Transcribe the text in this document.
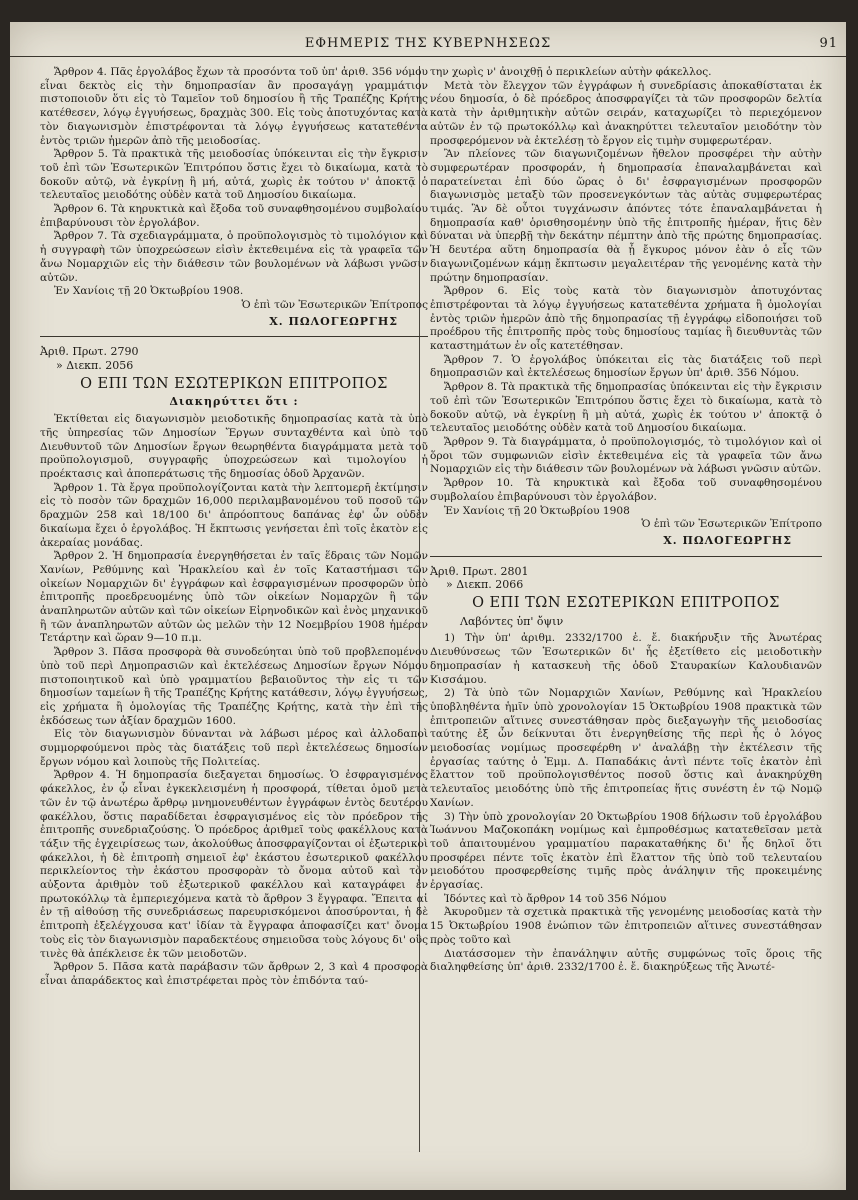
ΕΦΗΜΕΡΙΣ ΤΗΣ ΚΥΒΕΡΝΗΣΕΩΣ	91

Ἄρθρον 4. Πᾶς ἐργολάβος ἔχων τὰ προσόντα τοῦ ὑπ' ἀριθ. 356 νόμου εἶναι δεκτὸς εἰς τὴν δημοπρασίαν ἂν προσαγάγῃ γραμμάτιον πιστοποιοῦν ὅτι εἰς τὸ Ταμεῖον τοῦ δημοσίου ἢ τῆς Τραπέζης Κρήτης κατέθεσεν, λόγῳ ἐγγυήσεως, δραχμὰς 300. Εἰς τοὺς ἀποτυχόντας κατὰ τὸν διαγωνισμὸν ἐπιστρέφονται τὰ λόγῳ ἐγγυήσεως κατατεθέντα ἐντὸς τριῶν ἡμερῶν ἀπὸ τῆς μειοδοσίας.

Ἄρθρον 5. Τὰ πρακτικὰ τῆς μειοδοσίας ὑπόκεινται εἰς τὴν ἔγκρισιν τοῦ ἐπὶ τῶν Ἐσωτερικῶν Ἐπιτρόπου ὅστις ἔχει τὸ δικαίωμα, κατὰ τὸ δοκοῦν αὐτῷ, νὰ ἐγκρίνῃ ἢ μή, αὐτά, χωρὶς ἐκ τούτου ν' ἀποκτᾷ ὁ τελευταῖος μειοδότης οὐδὲν κατὰ τοῦ Δημοσίου δικαίωμα.

Ἄρθρον 6. Τὰ κηρυκτικὰ καὶ ἔξοδα τοῦ συναφθησομένου συμβολαίου ἐπιβαρύνουσι τὸν ἐργολάβον.

Ἄρθρον 7. Τὰ σχεδιαγράμματα, ὁ προϋπολογισμὸς τὸ τιμολόγιον καὶ ἡ συγγραφὴ τῶν ὑποχρεώσεων εἰσὶν ἐκτεθειμένα εἰς τὰ γραφεῖα τῶν ἄνω Νομαρχιῶν εἰς τὴν διάθεσιν τῶν βουλομένων νὰ λάβωσι γνῶσιν αὐτῶν.

Ἐν Χανίοις τῇ 20 Ὀκτωβρίου 1908.

Ὁ ἐπὶ τῶν Ἐσωτερικῶν Ἐπίτροπος

Χ. ΠΩΛΟΓΕΩΡΓΗΣ

Ἀριθ. Πρωτ. 2790

» Διεκπ. 2056

Ο ΕΠΙ ΤΩΝ ΕΣΩΤΕΡΙΚΩΝ ΕΠΙΤΡΟΠΟΣ
Διακηρύττει ὅτι :

Ἐκτίθεται εἰς διαγωνισμὸν μειοδοτικῆς δημοπρασίας κατὰ τὰ ὑπὸ τῆς ὑπηρεσίας τῶν Δημοσίων Ἔργων συνταχθέντα καὶ ὑπὸ τοῦ Διευθυντοῦ τῶν Δημοσίων ἔργων θεωρηθέντα διαγράμματα μετὰ τοῦ προϋπολογισμοῦ, συγγραφῆς ὑποχρεώσεων καὶ τιμολογίου ἡ προέκτασις καὶ ἀποπεράτωσις τῆς δημοσίας ὁδοῦ Ἀρχανῶν.

Ἄρθρον 1. Τὰ ἔργα προϋπολογίζονται κατὰ τὴν λεπτομερῆ ἐκτίμησιν εἰς τὸ ποσὸν τῶν δραχμῶν 16,000 περιλαμβανομένου τοῦ ποσοῦ τῶν δραχμῶν 258 καὶ 18/100 δι' ἀπρόοπτους δαπάνας ἐφ' ὧν οὐδὲν δικαίωμα ἔχει ὁ ἐργολάβος. Ἡ ἔκπτωσις γενήσεται ἐπὶ τοῖς ἑκατὸν εἰς ἀκεραίας μονάδας.

Ἄρθρον 2. Ἡ δημοπρασία ἐνεργηθήσεται ἐν ταῖς ἕδραις τῶν Νομῶν Χανίων, Ρεθύμνης καὶ Ἡρακλείου καὶ ἐν τοῖς Καταστήμασι τῶν οἰκείων Νομαρχιῶν δι' ἐγγράφων καὶ ἐσφραγισμένων προσφορῶν ὑπὸ ἐπιτροπῆς προεδρευομένης ὑπὸ τῶν οἰκείων Νομαρχῶν ἢ τῶν ἀναπληρωτῶν αὐτῶν καὶ τῶν οἰκείων Εἰρηνοδικῶν καὶ ἑνὸς μηχανικοῦ ἢ τῶν ἀναπληρωτῶν αὐτῶν ὡς μελῶν τὴν 12 Νοεμβρίου 1908 ἡμέραν Τετάρτην καὶ ὥραν 9—10 π.μ.

Ἄρθρον 3. Πᾶσα προσφορὰ θὰ συνοδεύηται ὑπὸ τοῦ προβλεπομένου ὑπὸ τοῦ περὶ Δημοπρασιῶν καὶ ἐκτελέσεως Δημοσίων ἔργων Νόμου πιστοποιητικοῦ καὶ ὑπὸ γραμματίου βεβαιοῦντος τὴν εἰς τι τῶν δημοσίων ταμείων ἢ τῆς Τραπέζης Κρήτης κατάθεσιν, λόγῳ ἐγγυήσεως, εἰς χρήματα ἢ ὁμολογίας τῆς Τραπέζης Κρήτης, κατὰ τὴν ἐπὶ τῆς ἐκδόσεως των ἀξίαν δραχμῶν 1600.

Εἰς τὸν διαγωνισμὸν δύνανται νὰ λάβωσι μέρος καὶ ἀλλοδαποὶ συμμορφούμενοι πρὸς τὰς διατάξεις τοῦ περὶ ἐκτελέσεως δημοσίων ἔργων νόμου καὶ λοιποὺς τῆς Πολιτείας.

Ἄρθρον 4. Ἡ δημοπρασία διεξαγεται δημοσίως. Ὁ ἐσφραγισμένος φάκελλος, ἐν ᾧ εἶναι ἐγκεκλεισμένη ἡ προσφορά, τίθεται ὁμοῦ μετὰ τῶν ἐν τῷ ἀνωτέρω ἄρθρῳ μνημονευθέντων ἐγγράφων ἐντὸς δευτέρου φακέλλου, ὅστις παραδίδεται ἐσφραγισμένος εἰς τὸν πρόεδρον τῆς ἐπιτροπῆς συνεδριαζούσης. Ὁ πρόεδρος ἀριθμεῖ τοὺς φακέλλους κατὰ τάξιν τῆς ἐγχειρίσεως των, ἀκολούθως ἀποσφραγίζονται οἱ ἐξωτερικοὶ φάκελλοι, ἡ δὲ ἐπιτροπὴ σημειοῖ ἐφ' ἑκάστου ἐσωτερικοῦ φακέλλου περικλείοντος τὴν ἑκάστου προσφορὰν τὸ ὄνομα αὐτοῦ καὶ τὸν αὐξοντα ἀριθμὸν τοῦ ἐξωτερικοῦ φακέλλου καὶ καταγράφει ἐν πρωτοκόλλῳ τὰ ἐμπεριεχόμενα κατὰ τὸ ἄρθρον 3 ἔγγραφα. Ἔπειτα αἱ ἐν τῇ αἰθούσῃ τῆς συνεδριάσεως παρευρισκόμενοι ἀποσύρονται, ἡ δὲ ἐπιτροπὴ ἐξελέγχουσα κατ' ἰδίαν τὰ ἔγγραφα ἀποφασίζει κατ' ὄνομα τοὺς εἰς τὸν διαγωνισμὸν παραδεκτέους σημειοῦσα τοὺς λόγους δι' οὓς τινὲς θὰ ἀπέκλεισε ἐκ τῶν μειοδοτῶν.

Ἄρθρον 5. Πᾶσα κατὰ παράβασιν τῶν ἄρθρων 2, 3 καὶ 4 προσφορὰ εἶναι ἀπαράδεκτος καὶ ἐπιστρέφεται πρὸς τὸν ἐπιδόντα ταύ-

την χωρὶς ν' ἀνοιχθῇ ὁ περικλείων αὐτὴν φάκελλος.

Μετὰ τὸν ἔλεγχον τῶν ἐγγράφων ἡ συνεδρίασις ἀποκαθίσταται ἐκ νέου δημοσία, ὁ δὲ πρόεδρος ἀποσφραγίζει τὰ τῶν προσφορῶν δελτία κατὰ τὴν ἀριθμητικὴν αὐτῶν σειράν, καταχωρίζει τὸ περιεχόμενον αὐτῶν ἐν τῷ πρωτοκόλλῳ καὶ ἀνακηρύττει τελευταῖον μειοδότην τὸν προσφερόμενον νὰ ἐκτελέσῃ τὸ ἔργον εἰς τιμὴν συμφερωτέραν.

Ἂν πλείονες τῶν διαγωνιζομένων ἤθελον προσφέρει τὴν αὐτὴν συμφερωτέραν προσφοράν, ἡ δημοπρασία ἐπαναλαμβάνεται καὶ παρατείνεται ἐπὶ δύο ὥρας ὁ δι' ἐσφραγισμένων προσφορῶν διαγωνισμὸς μεταξὺ τῶν προσενεγκόντων τὰς αὐτὰς συμφερωτέρας τιμάς. Ἂν δὲ οὗτοι τυγχάνωσιν ἀπόντες τότε ἐπαναλαμβάνεται ἡ δημοπρασία καθ' ὁρισθησομένην ὑπὸ τῆς ἐπιτροπῆς ἡμέραν, ἥτις δὲν δύναται νὰ ὑπερβῇ τὴν δεκάτην πέμπτην ἀπὸ τῆς πρώτης δημοπρασίας. Ἡ δευτέρα αὕτη δημοπρασία θὰ ᾖ ἔγκυρος μόνον ἐὰν ὁ εἷς τῶν διαγωνιζομένων κάμῃ ἔκπτωσιν μεγαλειτέραν τῆς γενομένης κατὰ τὴν πρώτην δημοπρασίαν.

Ἄρθρον 6. Εἰς τοὺς κατὰ τὸν διαγωνισμὸν ἀποτυχόντας ἐπιστρέφονται τὰ λόγῳ ἐγγυήσεως κατατεθέντα χρήματα ἢ ὁμολογίαι ἐντὸς τριῶν ἡμερῶν ἀπὸ τῆς δημοπρασίας τῇ ἐγγράφῳ εἰδοποιήσει τοῦ προέδρου τῆς ἐπιτροπῆς πρὸς τοὺς δημοσίους ταμίας ἢ διευθυντὰς τῶν καταστημάτων ἐν οἷς κατετέθησαν.

Ἄρθρον 7. Ὁ ἐργολάβος ὑπόκειται εἰς τὰς διατάξεις τοῦ περὶ δημοπρασιῶν καὶ ἐκτελέσεως δημοσίων ἔργων ὑπ' ἀριθ. 356 Νόμου.

Ἄρθρον 8. Τὰ πρακτικὰ τῆς δημοπρασίας ὑπόκεινται εἰς τὴν ἔγκρισιν τοῦ ἐπὶ τῶν Ἐσωτερικῶν Ἐπιτρόπου ὅστις ἔχει τὸ δικαίωμα, κατὰ τὸ δοκοῦν αὐτῷ, νὰ ἐγκρίνῃ ἢ μὴ αὐτά, χωρὶς ἐκ τούτου ν' ἀποκτᾷ ὁ τελευταῖος μειοδότης οὐδὲν κατὰ τοῦ Δημοσίου δικαίωμα.

Ἄρθρον 9. Τὰ διαγράμματα, ὁ προϋπολογισμός, τὸ τιμολόγιον καὶ οἱ ὅροι τῶν συμφωνιῶν εἰσὶν ἐκτεθειμένα εἰς τὰ γραφεῖα τῶν ἄνω Νομαρχιῶν εἰς τὴν διάθεσιν τῶν βουλομένων νὰ λάβωσι γνῶσιν αὐτῶν.

Ἄρθρον 10. Τὰ κηρυκτικὰ καὶ ἔξοδα τοῦ συναφθησομένου συμβολαίου ἐπιβαρύνουσι τὸν ἐργολάβον.

Ἐν Χανίοις τῇ 20 Ὀκτωβρίου 1908

Ὁ ἐπὶ τῶν Ἐσωτερικῶν Ἐπίτροπο

Χ. ΠΩΛΟΓΕΩΡΓΗΣ

Ἀριθ. Πρωτ. 2801

» Διεκπ. 2066

Ο ΕΠΙ ΤΩΝ ΕΣΩΤΕΡΙΚΩΝ ΕΠΙΤΡΟΠΟΣ
Λαβόντες ὑπ' ὄψιν

1) Τὴν ὑπ' ἀριθμ. 2332/1700 ἐ. ἔ. διακήρυξιν τῆς Ἀνωτέρας Διευθύνσεως τῶν Ἐσωτερικῶν δι' ἧς ἐξετίθετο εἰς μειοδοτικὴν δημοπρασίαν ἡ κατασκευὴ τῆς ὁδοῦ Σταυρακίων Καλουδιανῶν Κισσάμου.

2) Τὰ ὑπὸ τῶν Νομαρχιῶν Χανίων, Ρεθύμνης καὶ Ἡρακλείου ὑποβληθέντα ἡμῖν ὑπὸ χρονολογίαν 15 Ὀκτωβρίου 1908 πρακτικὰ τῶν ἐπιτροπειῶν αἵτινες συνεστάθησαν πρὸς διεξαγωγὴν τῆς μειοδοσίας ταύτης ἐξ ὧν δείκνυται ὅτι ἐνεργηθείσης τῆς περὶ ἧς ὁ λόγος μειοδοσίας νομίμως προσεφέρθη ν' ἀναλάβῃ τὴν ἐκτέλεσιν τῆς ἐργασίας ταύτης ὁ Ἐμμ. Δ. Παπαδάκις ἀντὶ πέντε τοῖς ἑκατὸν ἐπὶ ἔλαττον τοῦ προϋπολογισθέντος ποσοῦ ὅστις καὶ ἀνακηρύχθη τελευταῖος μειοδότης ὑπὸ τῆς ἐπιτροπείας ἥτις συνέστη ἐν τῷ Νομῷ Χανίων.

3) Τὴν ὑπὸ χρονολογίαν 20 Ὀκτωβρίου 1908 δήλωσιν τοῦ ἐργολάβου Ἰωάννου Μαζοκοπάκη νομίμως καὶ ἐμπροθέσμως κατατεθεῖσαν μετὰ τοῦ ἀπαιτουμένου γραμματίου παρακαταθήκης δι' ἧς δηλοῖ ὅτι προσφέρει πέντε τοῖς ἑκατὸν ἐπὶ ἔλαττον τῆς ὑπὸ τοῦ τελευταίου μειοδότου προσφερθείσης τιμῆς πρὸς ἀνάληψιν τῆς προκειμένης ἐργασίας.

Ἰδόντες καὶ τὸ ἄρθρον 14 τοῦ 356 Νόμου

Ἀκυροῦμεν τὰ σχετικὰ πρακτικὰ τῆς γενομένης μειοδοσίας κατὰ τὴν 15 Ὀκτωβρίου 1908 ἐνώπιον τῶν ἐπιτροπειῶν αἵτινες συνεστάθησαν πρὸς τοῦτο καὶ

Διατάσσομεν τὴν ἐπανάληψιν αὐτῆς συμφώνως τοῖς ὅροις τῆς διαληφθείσης ὑπ' ἀριθ. 2332/1700 ἐ. ἔ. διακηρύξεως τῆς Ἀνωτέ-
